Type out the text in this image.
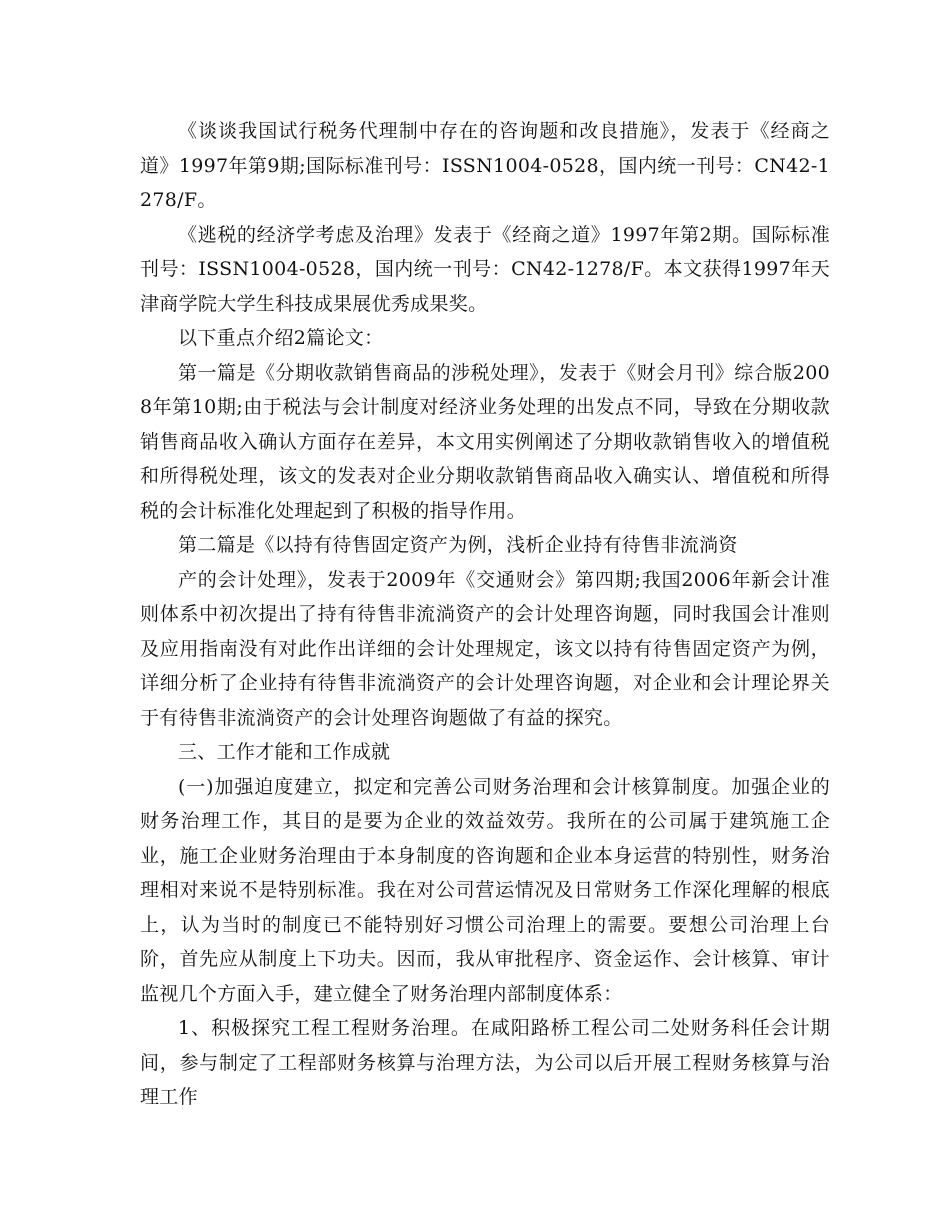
《谈谈我国试行税务代理制中存在的咨询题和改良措施》，发表于《经商之道》1997年第9期;国际标准刊号：ISSN1004-0528，国内统一刊号：CN42-1278/F。

《逃税的经济学考虑及治理》发表于《经商之道》1997年第2期。国际标准刊号：ISSN1004-0528，国内统一刊号：CN42-1278/F。本文获得1997年天津商学院大学生科技成果展优秀成果奖。

以下重点介绍2篇论文：

第一篇是《分期收款销售商品的涉税处理》，发表于《财会月刊》综合版2008年第10期;由于税法与会计制度对经济业务处理的出发点不同，导致在分期收款销售商品收入确认方面存在差异，本文用实例阐述了分期收款销售收入的增值税和所得税处理，该文的发表对企业分期收款销售商品收入确实认、增值税和所得税的会计标准化处理起到了积极的指导作用。

第二篇是《以持有待售固定资产为例，浅析企业持有待售非流淌资

产的会计处理》，发表于2009年《交通财会》第四期;我国2006年新会计准则体系中初次提出了持有待售非流淌资产的会计处理咨询题，同时我国会计准则及应用指南没有对此作出详细的会计处理规定，该文以持有待售固定资产为例，详细分析了企业持有待售非流淌资产的会计处理咨询题，对企业和会计理论界关于有待售非流淌资产的会计处理咨询题做了有益的探究。

三、工作才能和工作成就

(一)加强迫度建立，拟定和完善公司财务治理和会计核算制度。加强企业的财务治理工作，其目的是要为企业的效益效劳。我所在的公司属于建筑施工企业，施工企业财务治理由于本身制度的咨询题和企业本身运营的特别性，财务治理相对来说不是特别标准。我在对公司营运情况及日常财务工作深化理解的根底上，认为当时的制度已不能特别好习惯公司治理上的需要。要想公司治理上台阶，首先应从制度上下功夫。因而，我从审批程序、资金运作、会计核算、审计监视几个方面入手，建立健全了财务治理内部制度体系：

1、积极探究工程工程财务治理。在咸阳路桥工程公司二处财务科任会计期间，参与制定了工程部财务核算与治理方法，为公司以后开展工程财务核算与治理工作
